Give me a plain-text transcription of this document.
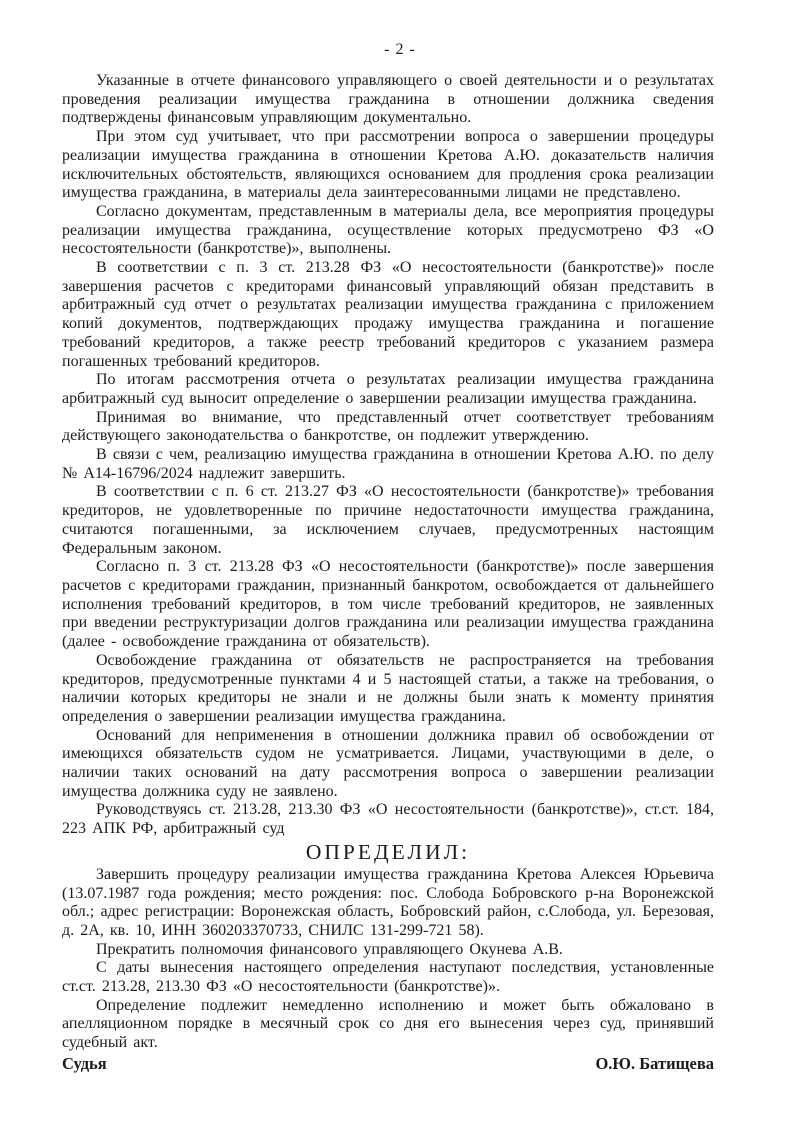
- 2 -

Указанные в отчете финансового управляющего о своей деятельности и о результатах проведения реализации имущества гражданина в отношении должника сведения подтверждены финансовым управляющим документально.

При этом суд учитывает, что при рассмотрении вопроса о завершении процедуры реализации имущества гражданина в отношении Кретова А.Ю. доказательств наличия исключительных обстоятельств, являющихся основанием для продления срока реализации имущества гражданина, в материалы дела заинтересованными лицами не представлено.

Согласно документам, представленным в материалы дела, все мероприятия процедуры реализации имущества гражданина, осуществление которых предусмотрено ФЗ «О несостоятельности (банкротстве)», выполнены.

В соответствии с п. 3 ст. 213.28 ФЗ «О несостоятельности (банкротстве)» после завершения расчетов с кредиторами финансовый управляющий обязан представить в арбитражный суд отчет о результатах реализации имущества гражданина с приложением копий документов, подтверждающих продажу имущества гражданина и погашение требований кредиторов, а также реестр требований кредиторов с указанием размера погашенных требований кредиторов.

По итогам рассмотрения отчета о результатах реализации имущества гражданина арбитражный суд выносит определение о завершении реализации имущества гражданина.

Принимая во внимание, что представленный отчет соответствует требованиям действующего законодательства о банкротстве, он подлежит утверждению.

В связи с чем, реализацию имущества гражданина в отношении Кретова А.Ю. по делу № А14-16796/2024 надлежит завершить.

В соответствии с п. 6 ст. 213.27 ФЗ «О несостоятельности (банкротстве)» требования кредиторов, не удовлетворенные по причине недостаточности имущества гражданина, считаются погашенными, за исключением случаев, предусмотренных настоящим Федеральным законом.

Согласно п. 3 ст. 213.28 ФЗ «О несостоятельности (банкротстве)» после завершения расчетов с кредиторами гражданин, признанный банкротом, освобождается от дальнейшего исполнения требований кредиторов, в том числе требований кредиторов, не заявленных при введении реструктуризации долгов гражданина или реализации имущества гражданина (далее - освобождение гражданина от обязательств).

Освобождение гражданина от обязательств не распространяется на требования кредиторов, предусмотренные пунктами 4 и 5 настоящей статьи, а также на требования, о наличии которых кредиторы не знали и не должны были знать к моменту принятия определения о завершении реализации имущества гражданина.

Оснований для неприменения в отношении должника правил об освобождении от имеющихся обязательств судом не усматривается. Лицами, участвующими в деле, о наличии таких оснований на дату рассмотрения вопроса о завершении реализации имущества должника суду не заявлено.

Руководствуясь ст. 213.28, 213.30 ФЗ «О несостоятельности (банкротстве)», ст.ст. 184, 223 АПК РФ, арбитражный суд

ОПРЕДЕЛИЛ:

Завершить процедуру реализации имущества гражданина Кретова Алексея Юрьевича (13.07.1987 года рождения; место рождения: пос. Слобода Бобровского р-на Воронежской обл.; адрес регистрации: Воронежская область, Бобровский район, с.Слобода, ул. Березовая, д. 2А, кв. 10, ИНН 360203370733, СНИЛС 131-299-721 58).

Прекратить полномочия финансового управляющего Окунева А.В.

С даты вынесения настоящего определения наступают последствия, установленные ст.ст. 213.28, 213.30 ФЗ «О несостоятельности (банкротстве)».

Определение подлежит немедленно исполнению и может быть обжаловано в апелляционном порядке в месячный срок со дня его вынесения через суд, принявший судебный акт.

Судья	О.Ю. Батищева
